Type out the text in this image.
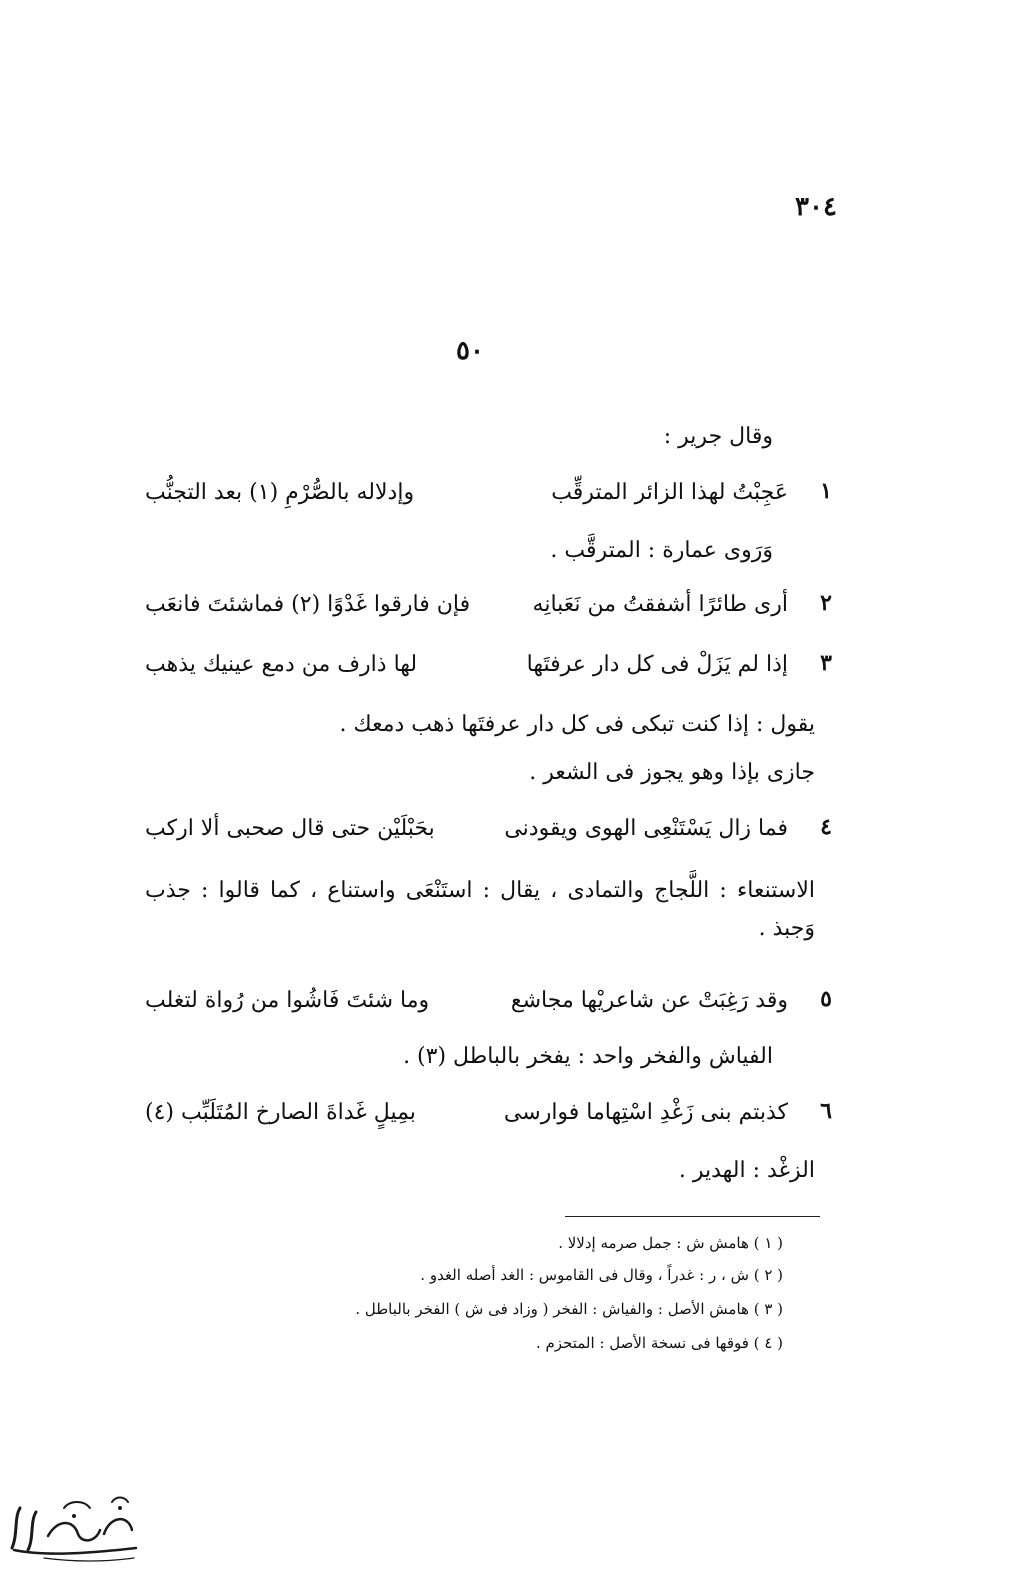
٣٠٤
٥٠
وقال جرير :
١
عَجِبْتُ لهذا الزائر المترقِّب
وإدلاله بالصُّرْمِ (١) بعد التجنُّب
وَرَوى عمارة : المترقَّب .
٢
أرى طائرًا أشفقتُ من نَعَبانِه
فإن فارقوا غَدْوًا (٢) فماشئتَ فانعَب
٣
إذا لم يَزَلْ فى كل دار عرفتَها
لها ذارف من دمع عينيك يذهب
يقول : إذا كنت تبكى فى كل دار عرفتَها ذهب دمعك .
جازى بإذا وهو يجوز فى الشعر .
٤
فما زال يَسْتَنْعِى الهوى ويقودنى
بحَبْلَيْن حتى قال صحبى ألا اركب
الاستنعاء : اللَّجاج والتمادى ، يقال : استَنْعَى واستناع ، كما قالوا : جذب وَجبذ .
٥
وقد رَغِبَتْ عن شاعريْها مجاشع
وما شئتَ فَاشُوا من رُواة لتغلب
الفياش والفخر واحد : يفخر بالباطل (٣) .
٦
كذبتم بنى زَغْدِ اسْتِهاما فوارسى
بمِيلٍ غَداةَ الصارخ المُتَلَبِّب (٤)
الزغْد : الهدير .
( ١ ) هامش ش : جمل صرمه إدلالا .
( ٢ ) ش ، ر : غدراً ، وقال فى القاموس : الغد أصله الغدو .
( ٣ ) هامش الأصل : والفياش : الفخر ( وزاد فى ش ) الفخر بالباطل .
( ٤ ) فوقها فى نسخة الأصل : المتحزم .
